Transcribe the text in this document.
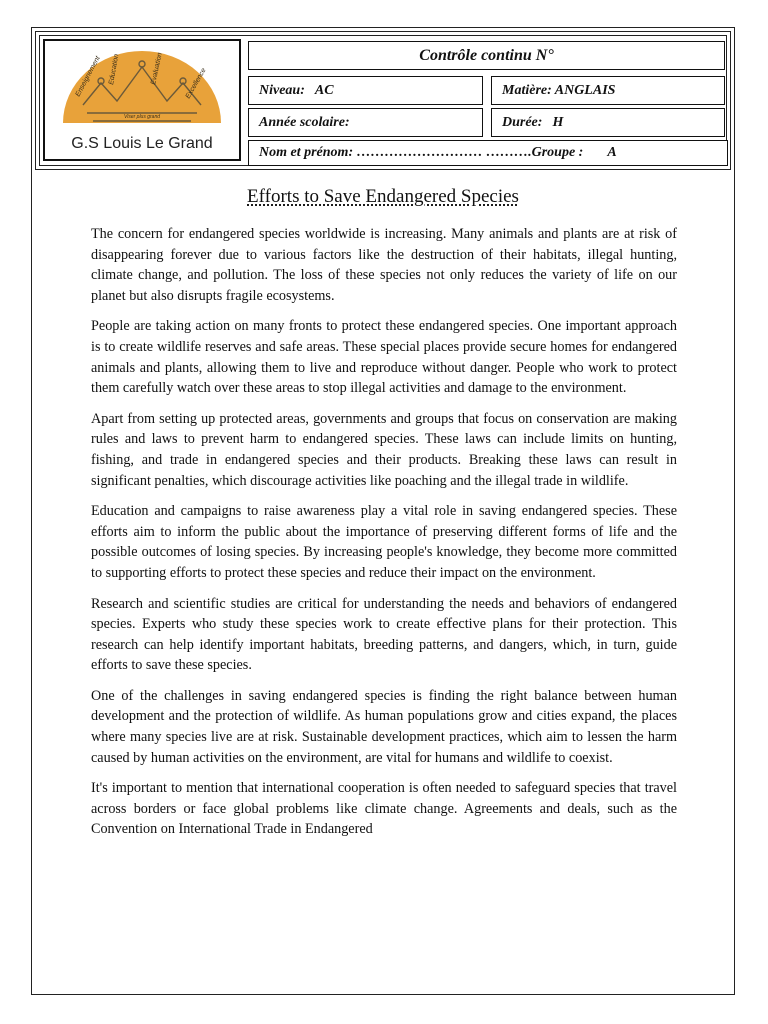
Enseignement Education	Evaluation	Excellence
Viser plus grand
G.S Louis Le Grand
Contrôle continu N°
Niveau: AC	Matière: ANGLAIS
Année scolaire:	Durée: H
Nom et prénom: ……………………… ……….Groupe : A
Efforts to Save Endangered Species

The concern for endangered species worldwide is increasing. Many animals and plants are at risk of disappearing forever due to various factors like the destruction of their habitats, illegal hunting, climate change, and pollution. The loss of these species not only reduces the variety of life on our planet but also disrupts fragile ecosystems.

People are taking action on many fronts to protect these endangered species. One important approach is to create wildlife reserves and safe areas. These special places provide secure homes for endangered animals and plants, allowing them to live and reproduce without danger. People who work to protect them carefully watch over these areas to stop illegal activities and damage to the environment.

Apart from setting up protected areas, governments and groups that focus on conservation are making rules and laws to prevent harm to endangered species. These laws can include limits on hunting, fishing, and trade in endangered species and their products. Breaking these laws can result in significant penalties, which discourage activities like poaching and the illegal trade in wildlife.

Education and campaigns to raise awareness play a vital role in saving endangered species. These efforts aim to inform the public about the importance of preserving different forms of life and the possible outcomes of losing species. By increasing people's knowledge, they become more committed to supporting efforts to protect these species and reduce their impact on the environment.

Research and scientific studies are critical for understanding the needs and behaviors of endangered species. Experts who study these species work to create effective plans for their protection. This research can help identify important habitats, breeding patterns, and dangers, which, in turn, guide efforts to save these species.

One of the challenges in saving endangered species is finding the right balance between human development and the protection of wildlife. As human populations grow and cities expand, the places where many species live are at risk. Sustainable development practices, which aim to lessen the harm caused by human activities on the environment, are vital for humans and wildlife to coexist.

It's important to mention that international cooperation is often needed to safeguard species that travel across borders or face global problems like climate change. Agreements and deals, such as the Convention on International Trade in Endangered
